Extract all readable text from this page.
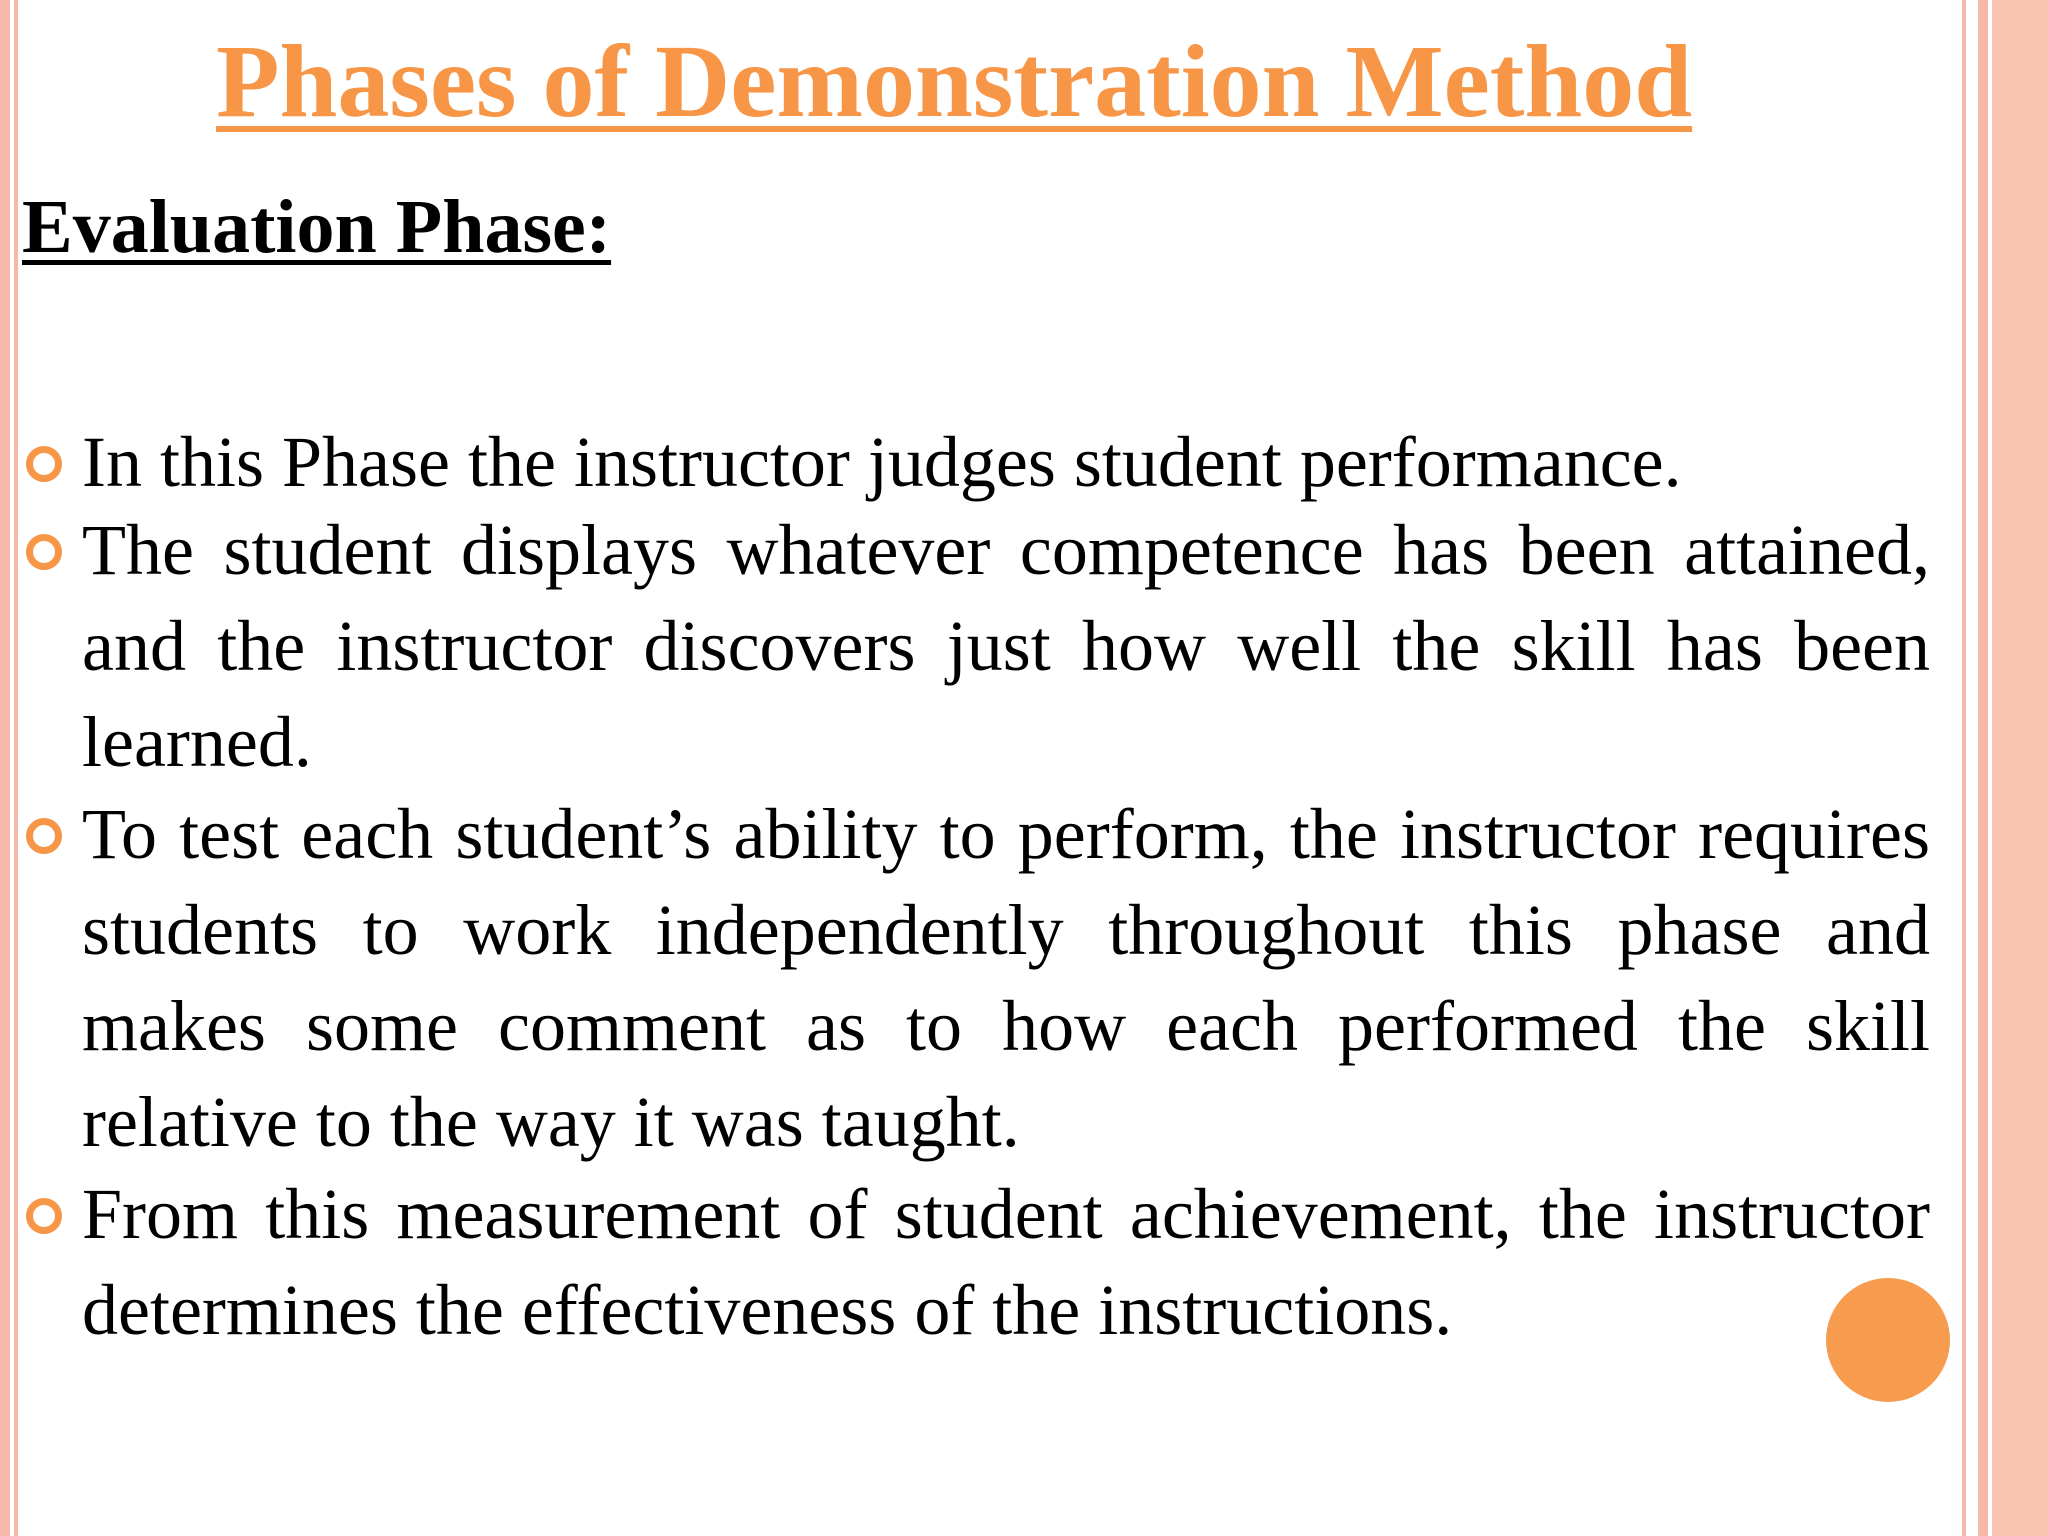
Phases of Demonstration Method
Evaluation Phase:
In this Phase the instructor judges student performance.
The student displays whatever competence has been attained, and the instructor discovers just how well the skill has been learned.
To test each student’s ability to perform, the instructor requires students to work independently throughout this phase and makes some comment as to how each performed the skill relative to the way it was taught.
From this measurement of student achievement, the instructor determines the effectiveness of the instructions.
